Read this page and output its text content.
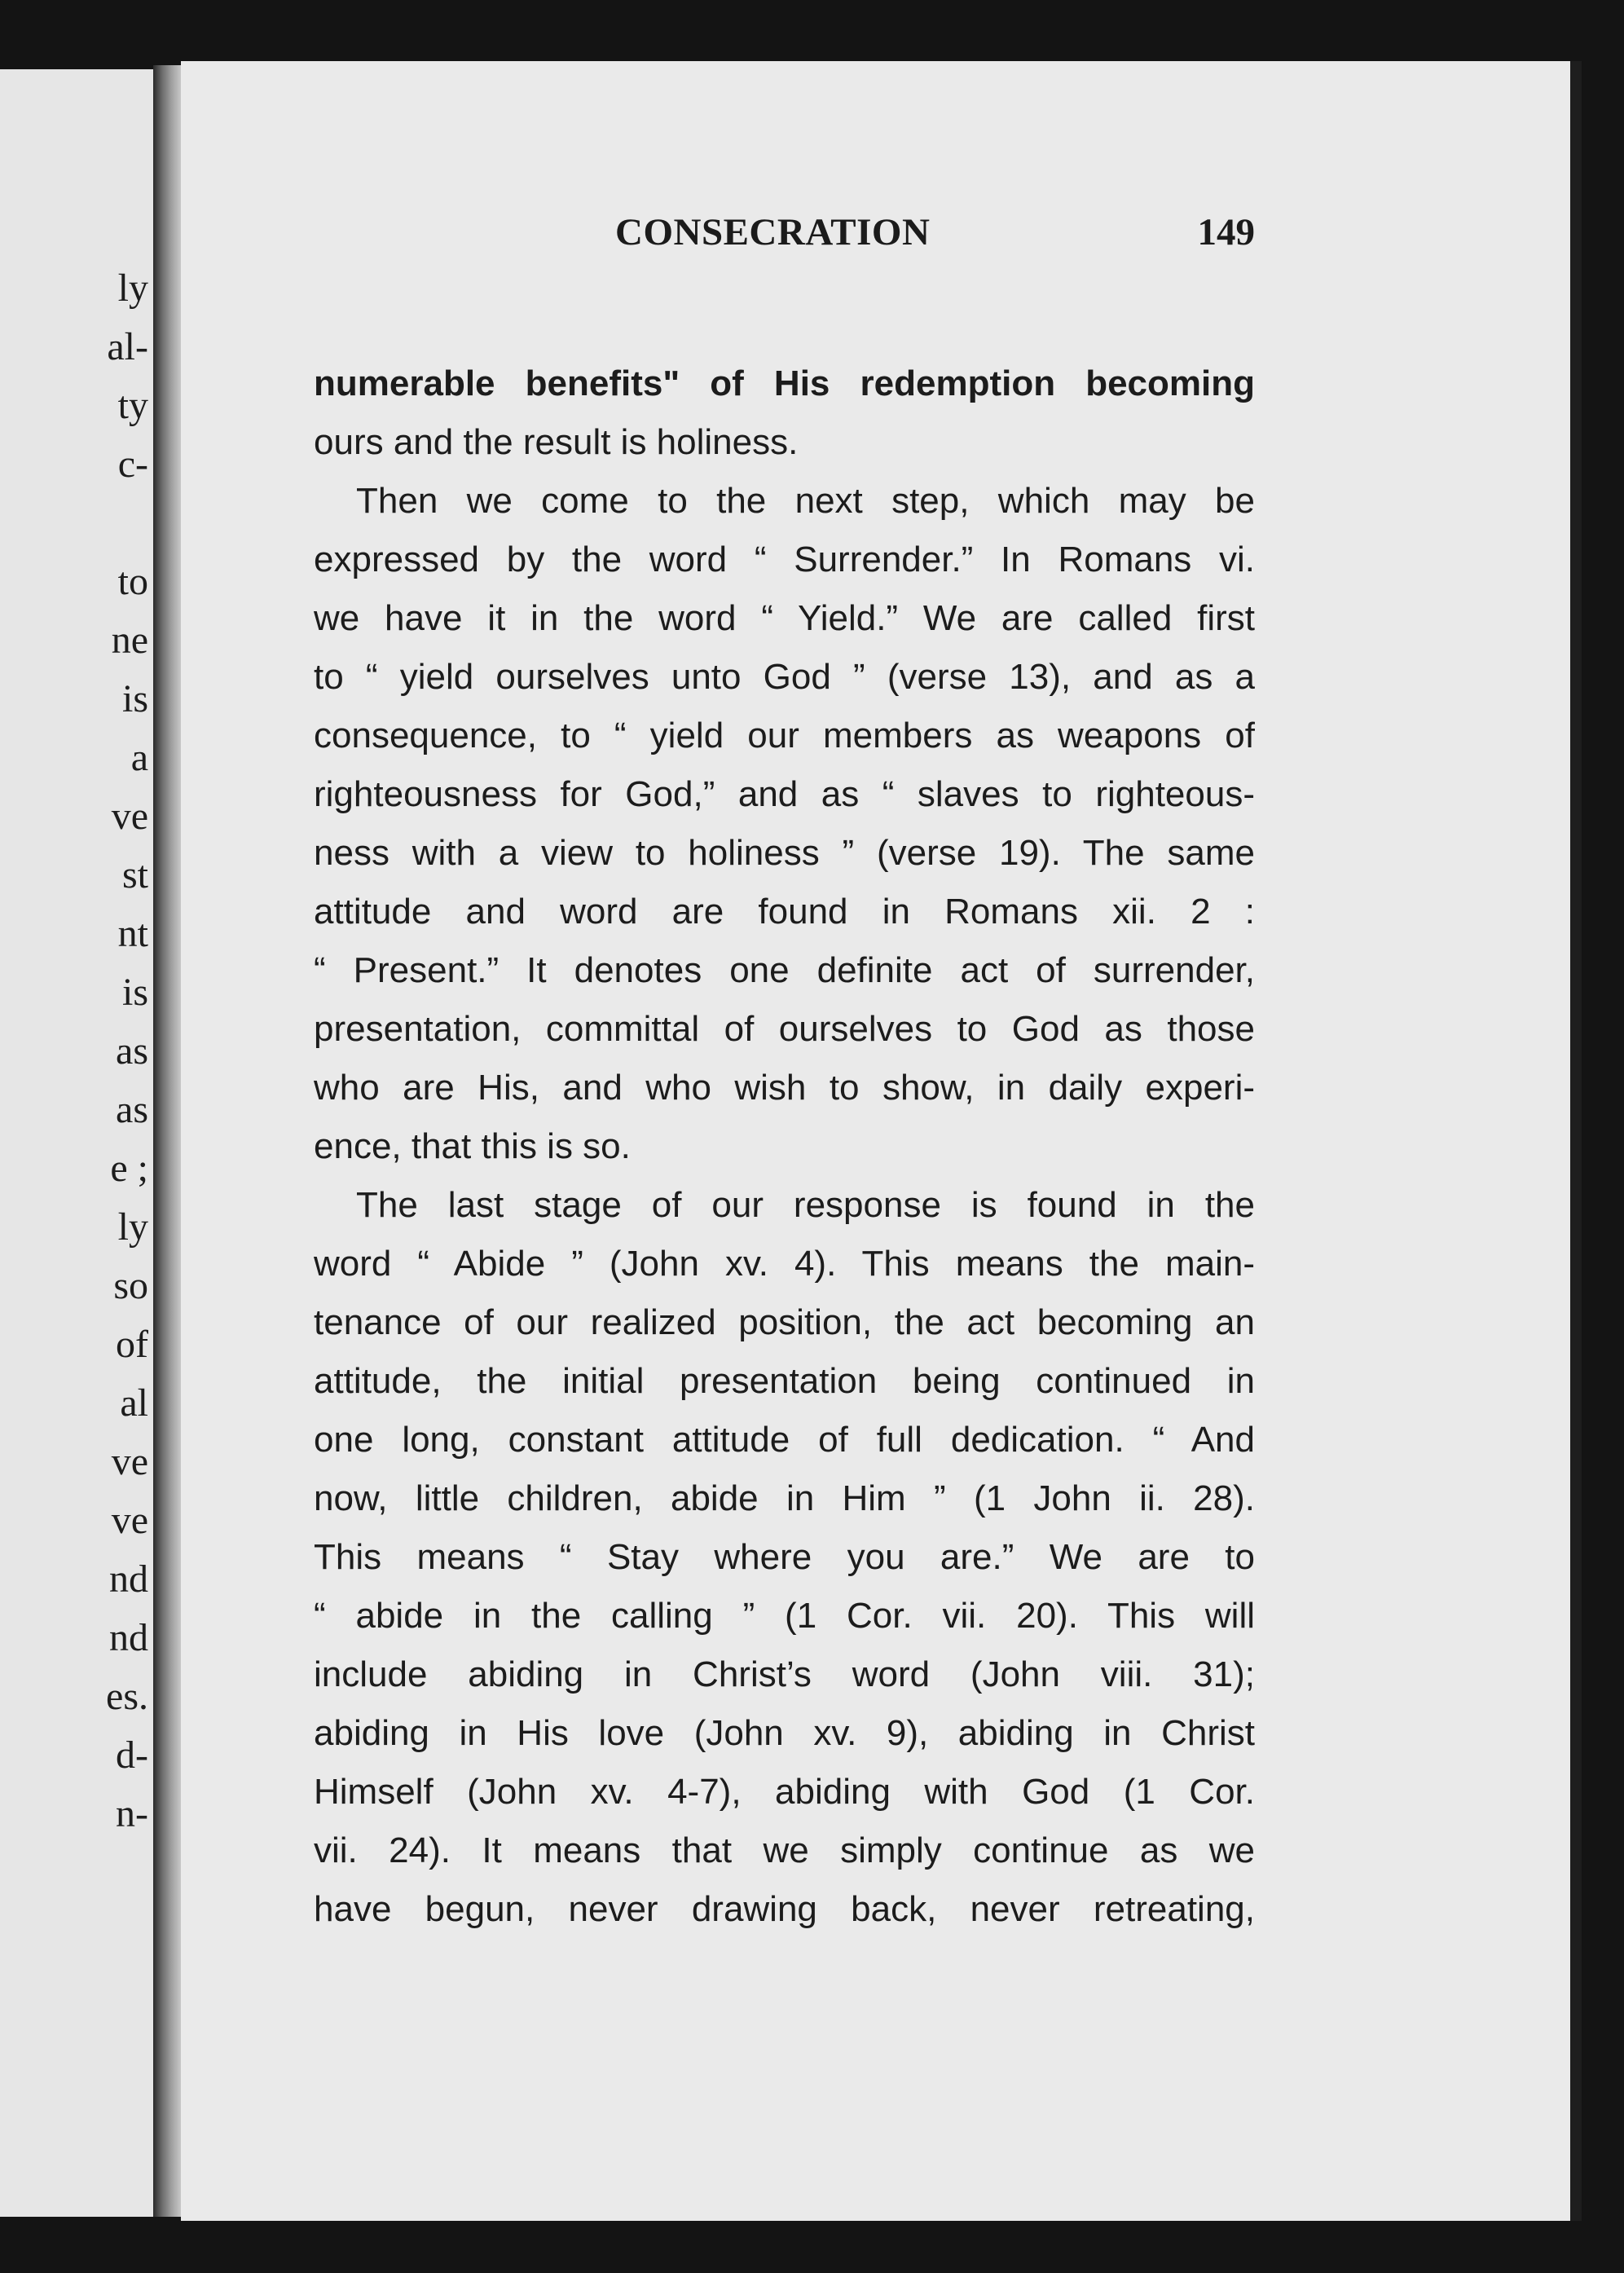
ly
al-
ty
c-
to
ne
is
a
ve
st
nt
is
as
as
e ;
ly
so
of
al
ve
ve
nd
nd
es.
d-
n-
CONSECRATION	149
numerable benefits" of His redemption becoming
ours and the result is holiness.
Then we come to the next step, which may be
expressed by the word “ Surrender.” In Romans vi.
we have it in the word “ Yield.” We are called first
to “ yield ourselves unto God ” (verse 13), and as a
consequence, to “ yield our members as weapons of
righteousness for God,” and as “ slaves to righteous-
ness with a view to holiness ” (verse 19). The same
attitude and word are found in Romans xii. 2 :
“ Present.” It denotes one definite act of surrender,
presentation, committal of ourselves to God as those
who are His, and who wish to show, in daily experi-
ence, that this is so.
The last stage of our response is found in the
word “ Abide ” (John xv. 4). This means the main-
tenance of our realized position, the act becoming an
attitude, the initial presentation being continued in
one long, constant attitude of full dedication. “ And
now, little children, abide in Him ” (1 John ii. 28).
This means “ Stay where you are.” We are to
“ abide in the calling ” (1 Cor. vii. 20). This will
include abiding in Christ’s word (John viii. 31);
abiding in His love (John xv. 9), abiding in Christ
Himself (John xv. 4-7), abiding with God (1 Cor.
vii. 24). It means that we simply continue as we
have begun, never drawing back, never retreating,
